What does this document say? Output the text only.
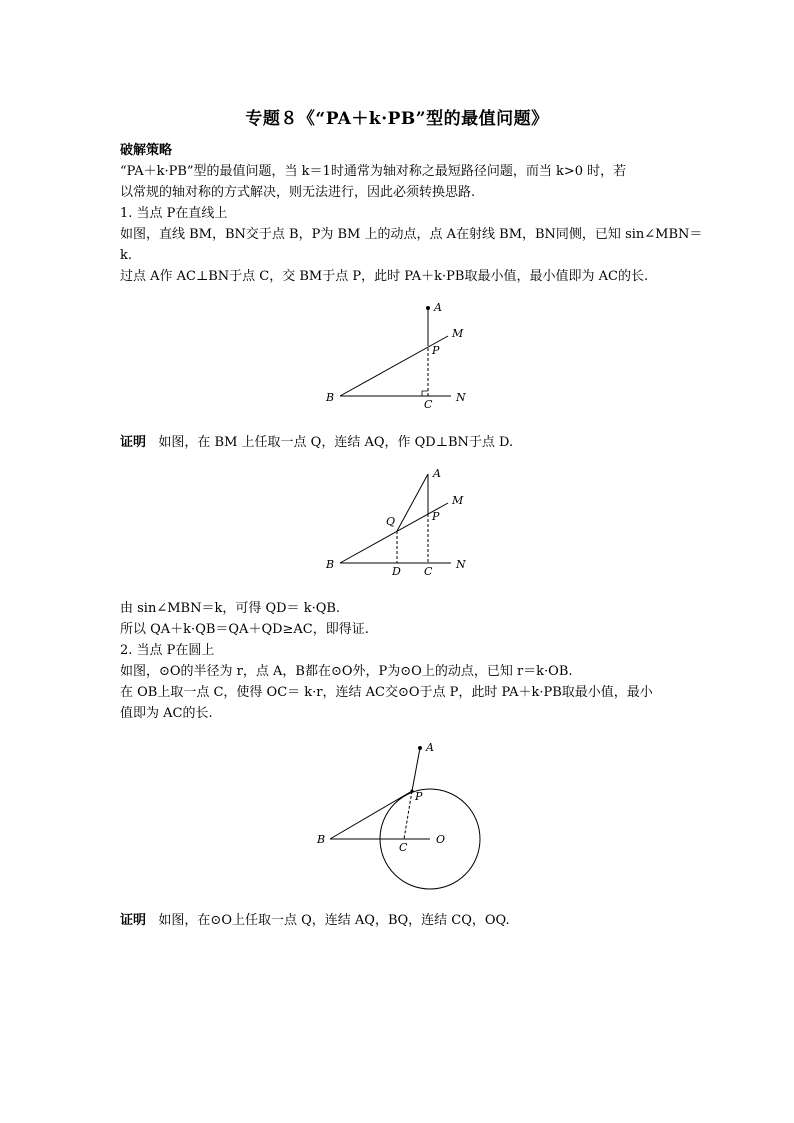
专题８《“PA＋k·PB”型的最值问题》
破解策略
“PA＋k·PB”型的最值问题，当 k＝1时通常为轴对称之最短路径问题，而当 k>0 时，若
以常规的轴对称的方式解决，则无法进行，因此必须转换思路.
1. 当点 P在直线上
如图，直线 BM，BN交于点 B，P为 BM 上的动点，点 A在射线 BM，BN同侧，已知 sin∠MBN＝
k.
过点 A作 AC⊥BN于点 C，交 BM于点 P，此时 PA＋k·PB取最小值，最小值即为 AC的长.
A
M
P
B
C
N
证明 如图，在 BM 上任取一点 Q，连结 AQ，作 QD⊥BN于点 D.
A
M
Q	P
B
D C
N
由 sin∠MBN＝k，可得 QD＝ k·QB.
所以 QA＋k·QB＝QA＋QD≥AC，即得证.
2. 当点 P在圆上
如图，⊙O的半径为 r，点 A，B都在⊙O外，P为⊙O上的动点，已知 r＝k·OB.
在 OB上取一点 C，使得 OC＝ k·r，连结 AC交⊙O于点 P，此时 PA＋k·PB取最小值，最小
值即为 AC的长.
A
P
B
C
O
证明 如图，在⊙O上任取一点 Q，连结 AQ，BQ，连结 CQ，OQ.
